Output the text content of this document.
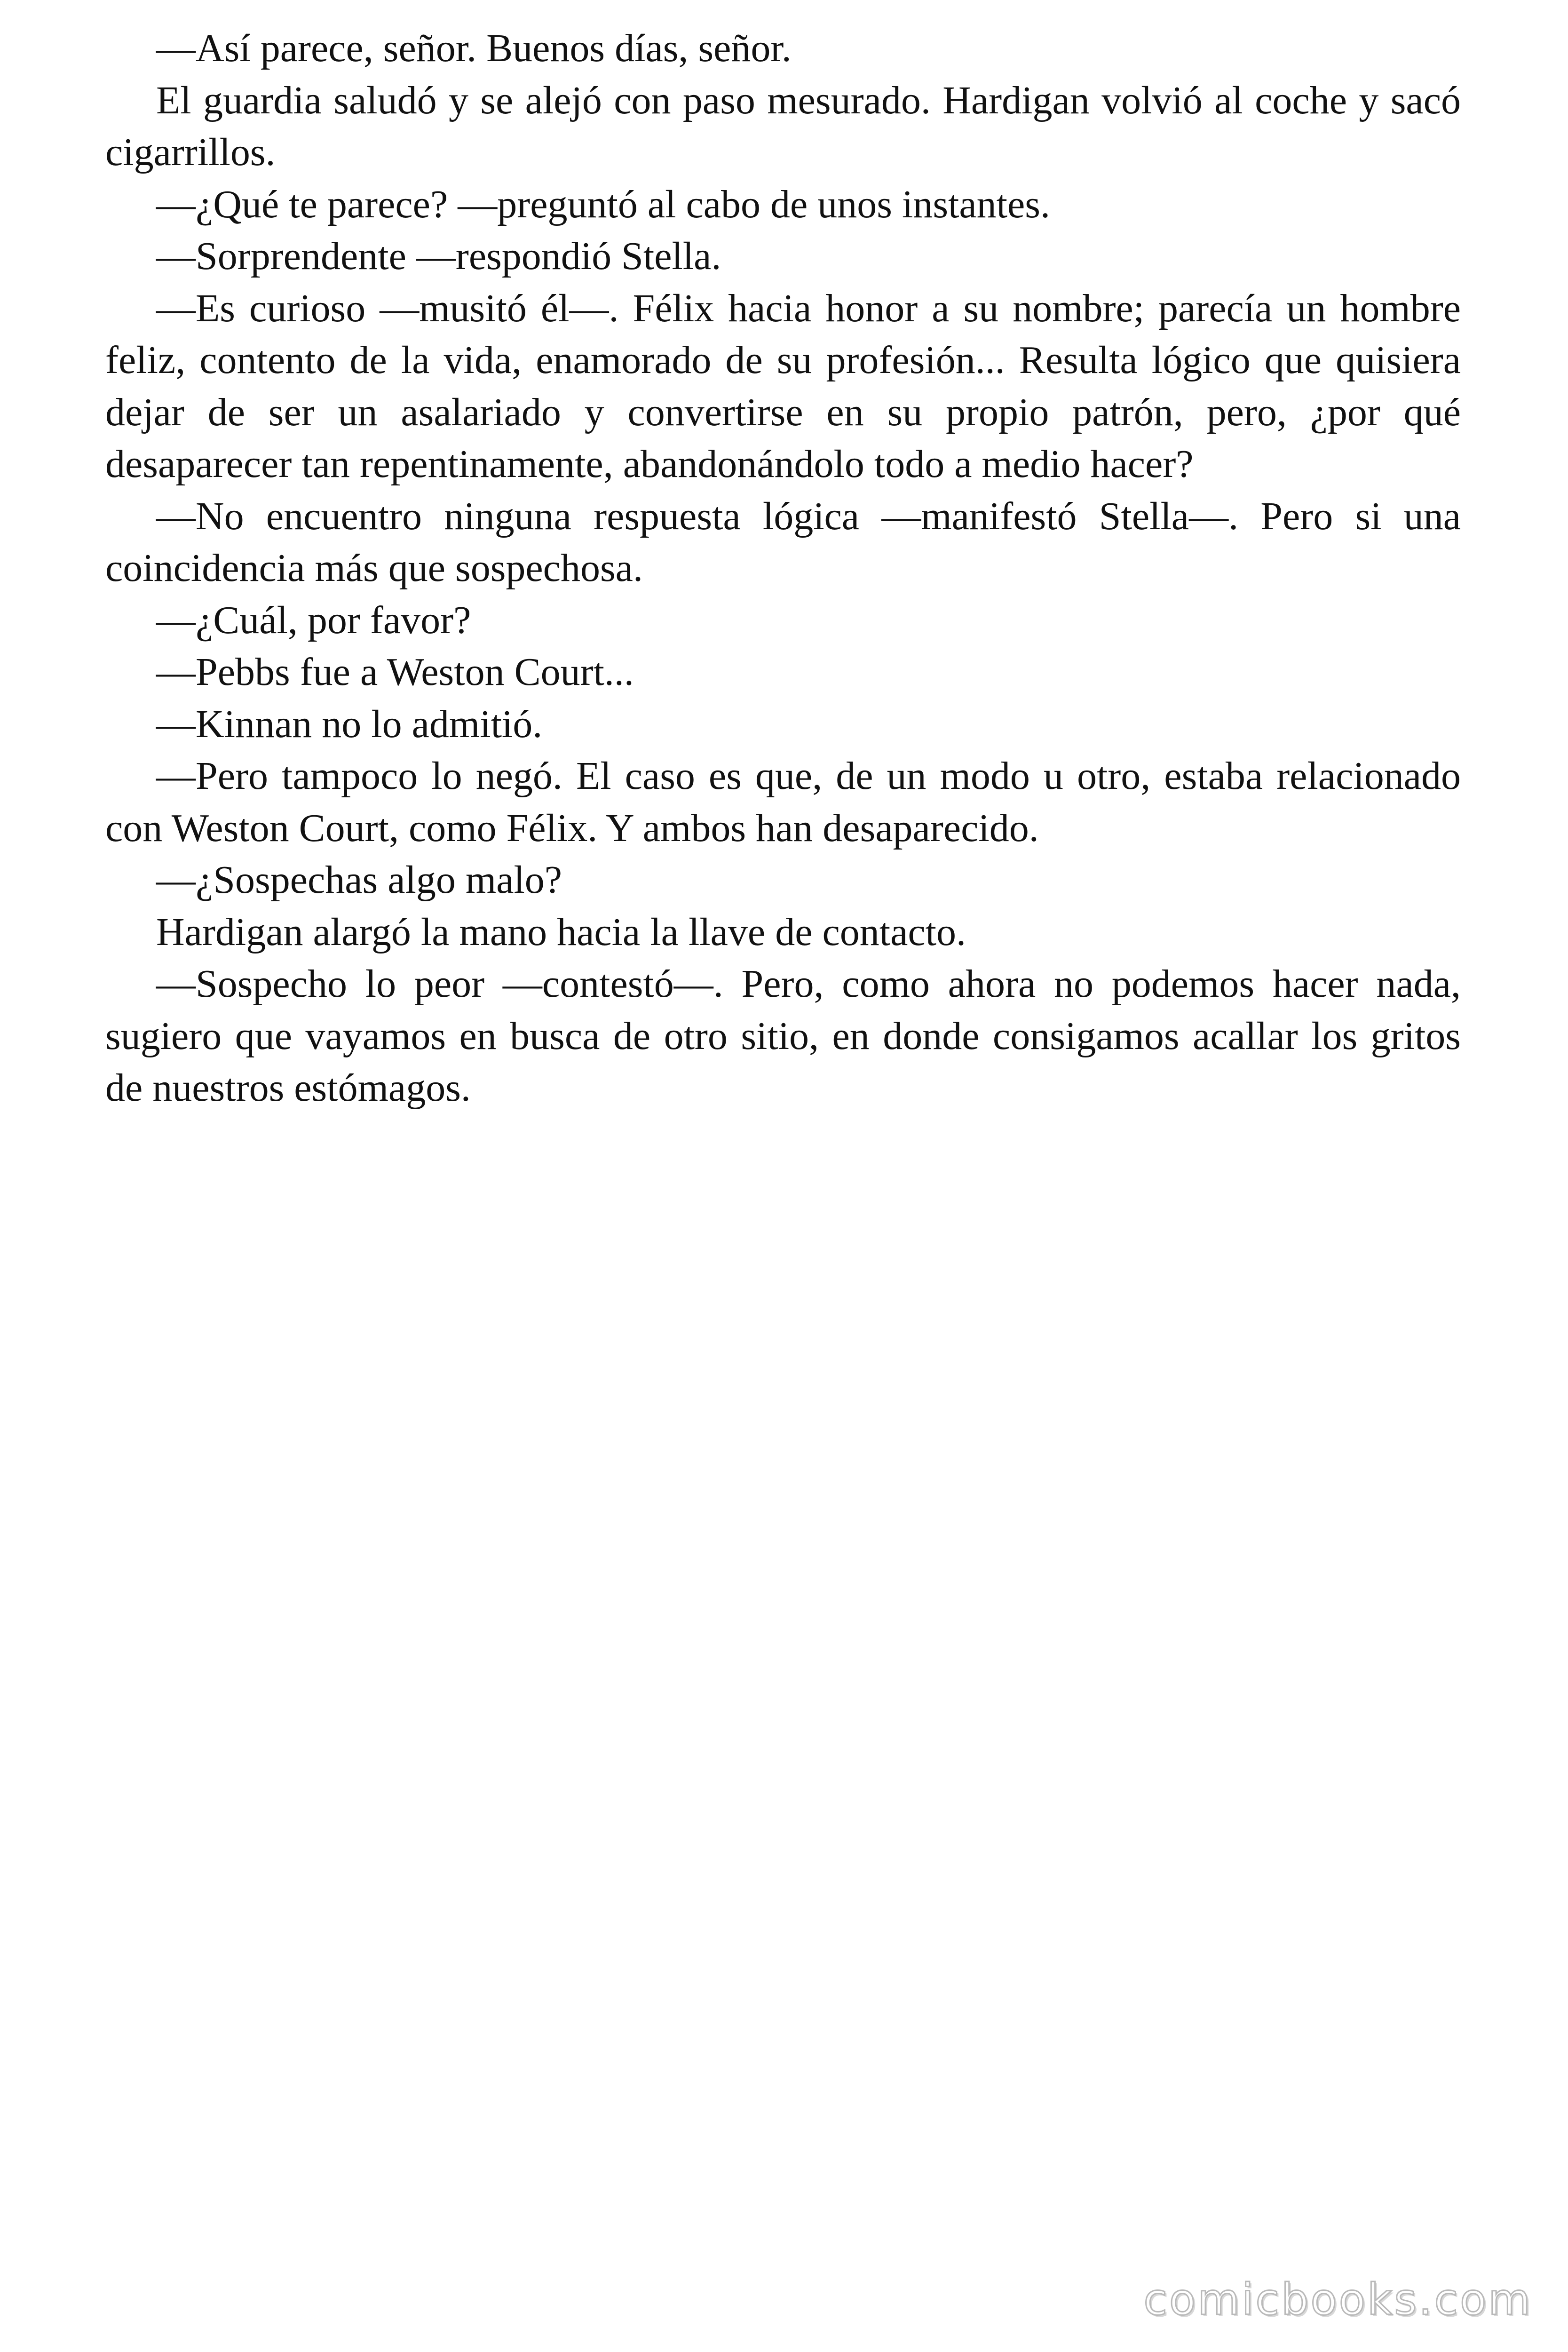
—Así parece, señor. Buenos días, señor.

El guardia saludó y se alejó con paso mesurado. Hardigan volvió al coche y sacó cigarrillos.

—¿Qué te parece? —preguntó al cabo de unos instantes.

—Sorprendente —respondió Stella.

—Es curioso —musitó él—. Félix hacia honor a su nombre; parecía un hombre feliz, contento de la vida, enamorado de su profesión... Resulta lógico que quisiera dejar de ser un asalariado y convertirse en su propio patrón, pero, ¿por qué desaparecer tan repentinamente, abandonándolo todo a medio hacer?

—No encuentro ninguna respuesta lógica —manifestó Stella—. Pero si una coincidencia más que sospechosa.

—¿Cuál, por favor?

—Pebbs fue a Weston Court...

—Kinnan no lo admitió.

—Pero tampoco lo negó. El caso es que, de un modo u otro, estaba relacionado con Weston Court, como Félix. Y ambos han desaparecido.

—¿Sospechas algo malo?

Hardigan alargó la mano hacia la llave de contacto.

—Sospecho lo peor —contestó—. Pero, como ahora no podemos hacer nada, sugiero que vayamos en busca de otro sitio, en donde consigamos acallar los gritos de nuestros estómagos.

comicbooks.com
